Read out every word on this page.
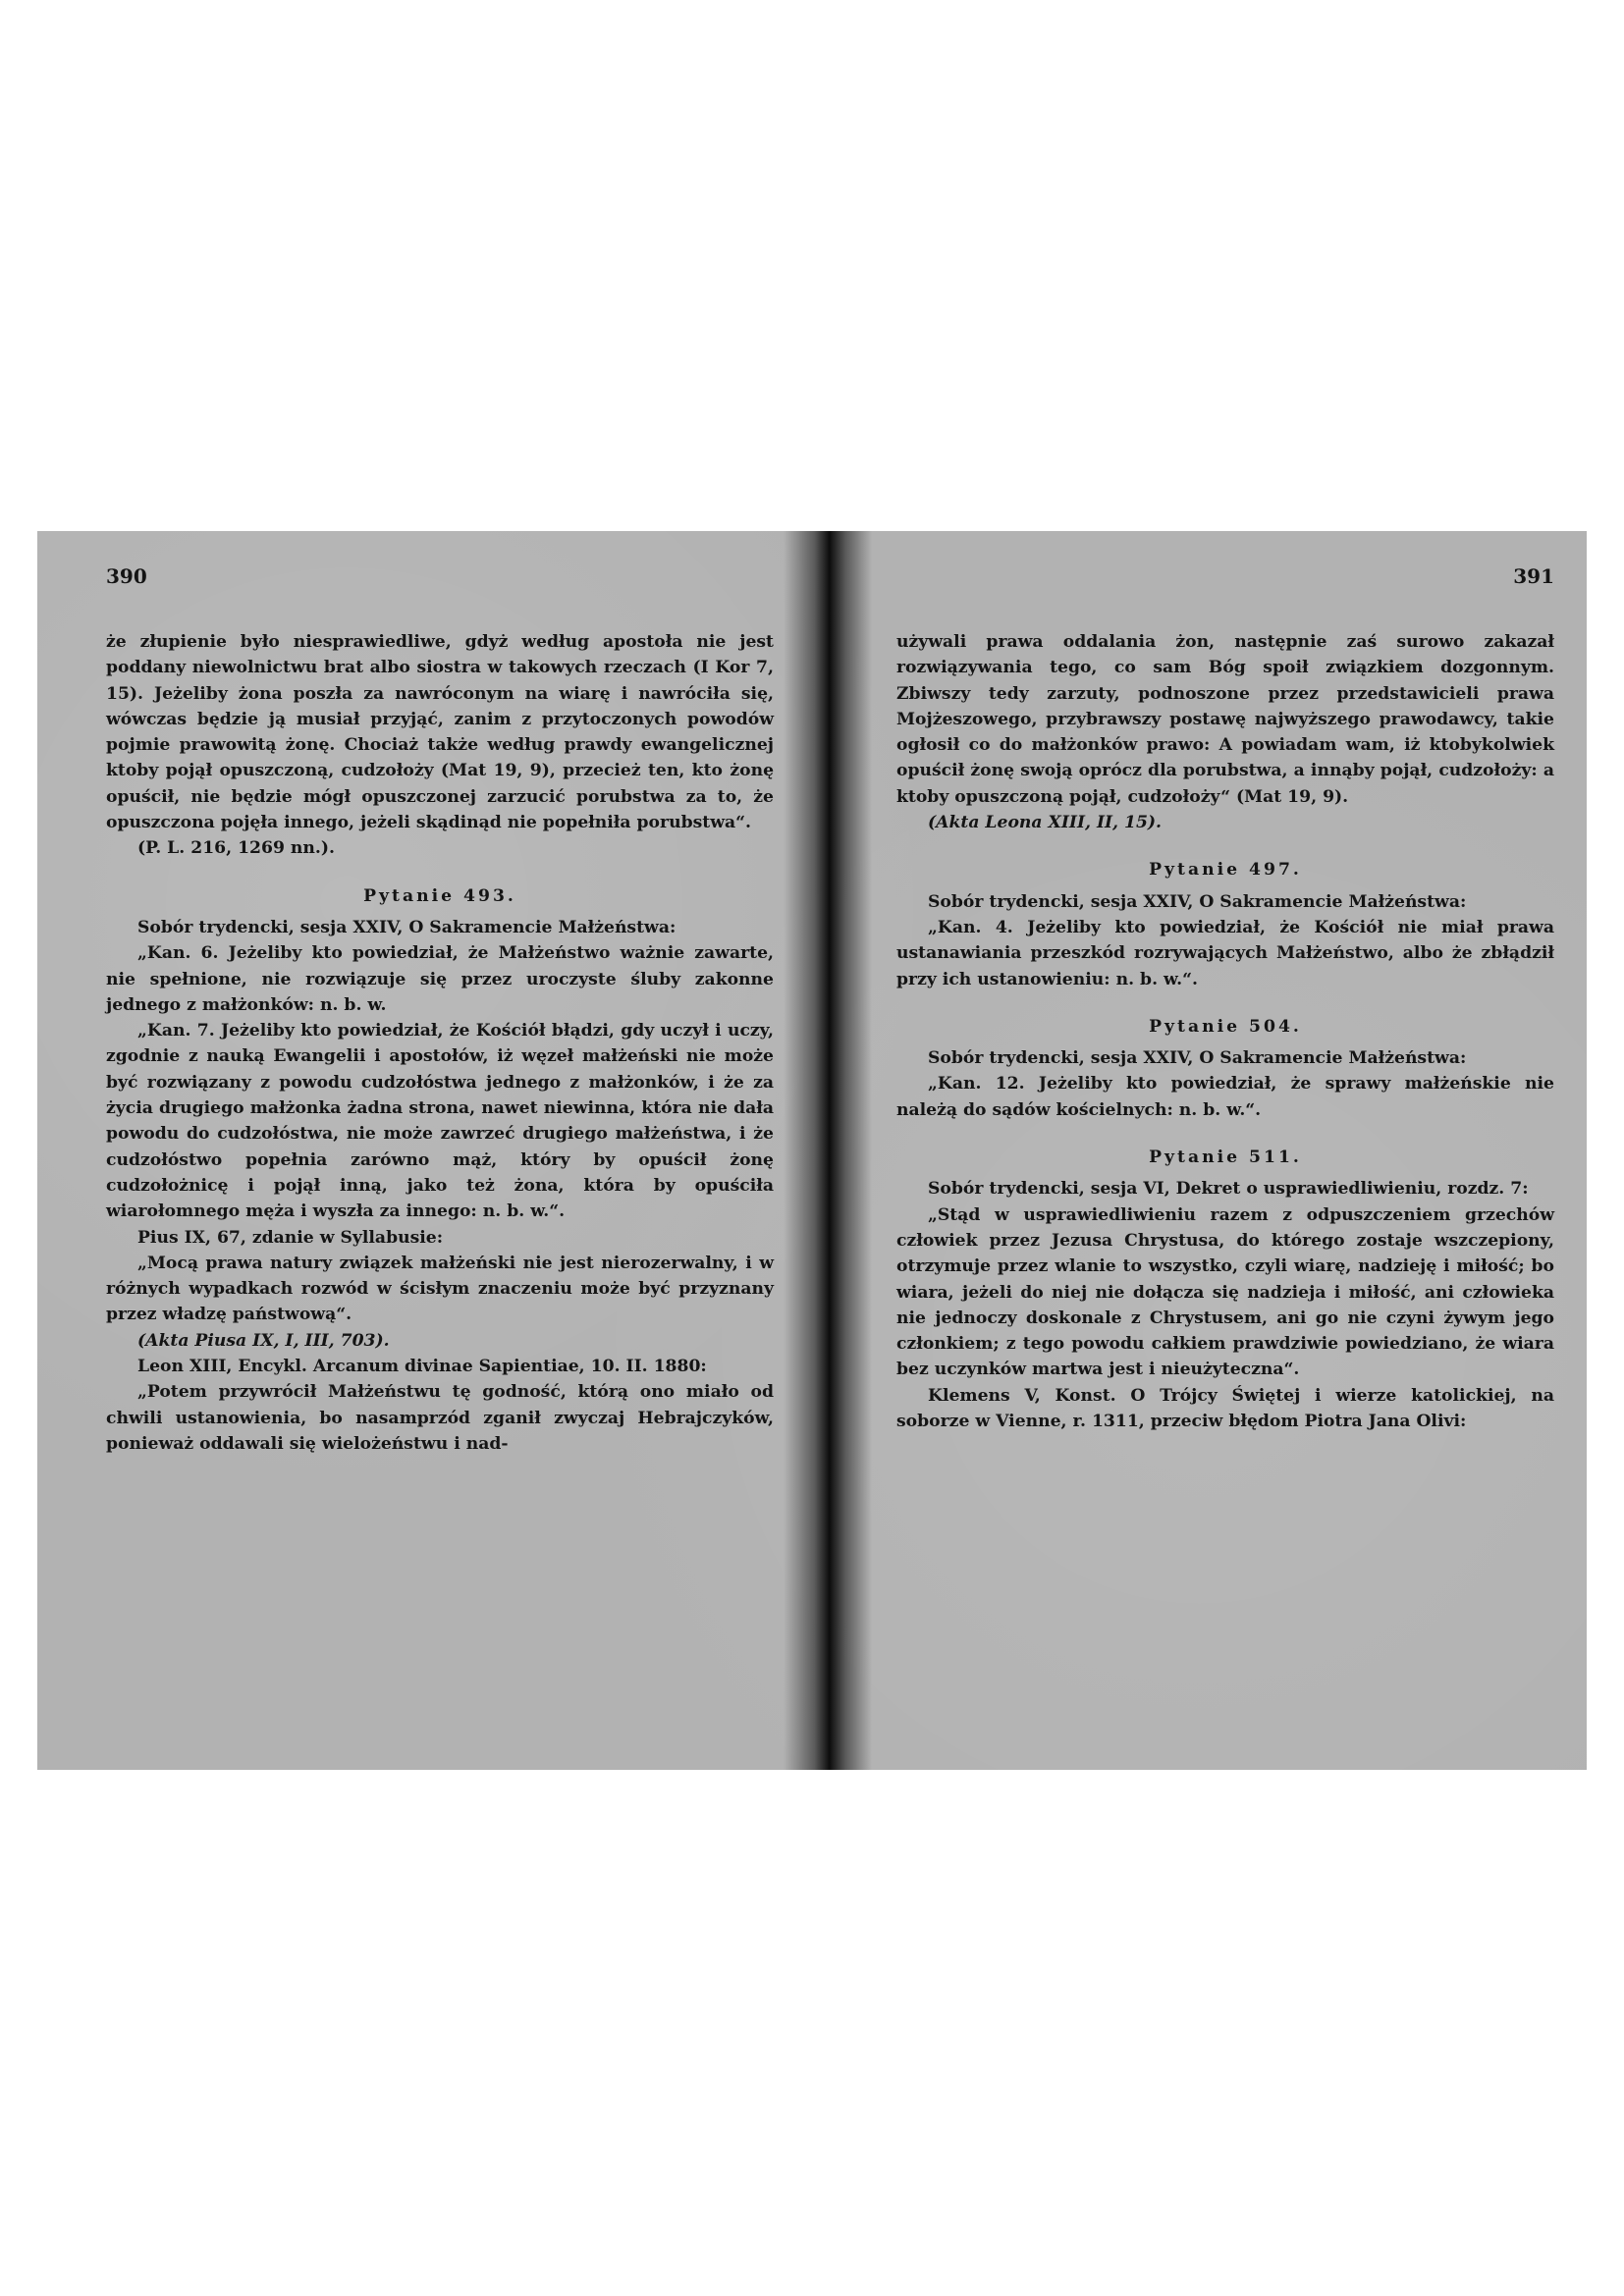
390

że złupienie było niesprawiedliwe, gdyż według apostoła nie jest poddany niewolnictwu brat albo siostra w takowych rzeczach (I Kor 7, 15). Jeżeliby żona poszła za nawróconym na wiarę i nawróciła się, wówczas będzie ją musiał przyjąć, zanim z przytoczonych powodów pojmie prawowitą żonę. Chociaż także według prawdy ewangelicznej ktoby pojął opuszczoną, cudzołoży (Mat 19, 9), przecież ten, kto żonę opuścił, nie będzie mógł opuszczonej zarzucić porubstwa za to, że opuszczona pojęła innego, jeżeli skądinąd nie popełniła porubstwa“.

(P. L. 216, 1269 nn.).

Pytanie 493.

Sobór trydencki, sesja XXIV, O Sakramencie Małżeństwa:

„Kan. 6. Jeżeliby kto powiedział, że Małżeństwo ważnie zawarte, nie spełnione, nie rozwiązuje się przez uroczyste śluby zakonne jednego z małżonków: n. b. w.

„Kan. 7. Jeżeliby kto powiedział, że Kościół błądzi, gdy uczył i uczy, zgodnie z nauką Ewangelii i apostołów, iż węzeł małżeński nie może być rozwiązany z powodu cudzołóstwa jednego z małżonków, i że za życia drugiego małżonka żadna strona, nawet niewinna, która nie dała powodu do cudzołóstwa, nie może zawrzeć drugiego małżeństwa, i że cudzołóstwo popełnia zarówno mąż, który by opuścił żonę cudzołożnicę i pojął inną, jako też żona, która by opuściła wiarołomnego męża i wyszła za innego: n. b. w.“.

Pius IX, 67, zdanie w Syllabusie:

„Mocą prawa natury związek małżeński nie jest nierozerwalny, i w różnych wypadkach rozwód w ścisłym znaczeniu może być przyznany przez władzę państwową“.

(Akta Piusa IX, I, III, 703).

Leon XIII, Encykl. Arcanum divinae Sapientiae, 10. II. 1880:

„Potem przywrócił Małżeństwu tę godność, którą ono miało od chwili ustanowienia, bo nasamprzód zganił zwyczaj Hebrajczyków, ponieważ oddawali się wielożeństwu i nad-

391

używali prawa oddalania żon, następnie zaś surowo zakazał rozwiązywania tego, co sam Bóg spoił związkiem dozgonnym. Zbiwszy tedy zarzuty, podnoszone przez przedstawicieli prawa Mojżeszowego, przybrawszy postawę najwyższego prawodawcy, takie ogłosił co do małżonków prawo: A powiadam wam, iż ktobykolwiek opuścił żonę swoją oprócz dla porubstwa, a innąby pojął, cudzołoży: a ktoby opuszczoną pojął, cudzołoży“ (Mat 19, 9).

(Akta Leona XIII, II, 15).

Pytanie 497.

Sobór trydencki, sesja XXIV, O Sakramencie Małżeństwa:

„Kan. 4. Jeżeliby kto powiedział, że Kościół nie miał prawa ustanawiania przeszkód rozrywających Małżeństwo, albo że zbłądził przy ich ustanowieniu: n. b. w.“.

Pytanie 504.

Sobór trydencki, sesja XXIV, O Sakramencie Małżeństwa:

„Kan. 12. Jeżeliby kto powiedział, że sprawy małżeńskie nie należą do sądów kościelnych: n. b. w.“.

Pytanie 511.

Sobór trydencki, sesja VI, Dekret o usprawiedliwieniu, rozdz. 7:

„Stąd w usprawiedliwieniu razem z odpuszczeniem grzechów człowiek przez Jezusa Chrystusa, do którego zostaje wszczepiony, otrzymuje przez wlanie to wszystko, czyli wiarę, nadzieję i miłość; bo wiara, jeżeli do niej nie dołącza się nadzieja i miłość, ani człowieka nie jednoczy doskonale z Chrystusem, ani go nie czyni żywym jego członkiem; z tego powodu całkiem prawdziwie powiedziano, że wiara bez uczynków martwa jest i nieużyteczna“.

Klemens V, Konst. O Trójcy Świętej i wierze katolickiej, na soborze w Vienne, r. 1311, przeciw błędom Piotra Jana Olivi:
